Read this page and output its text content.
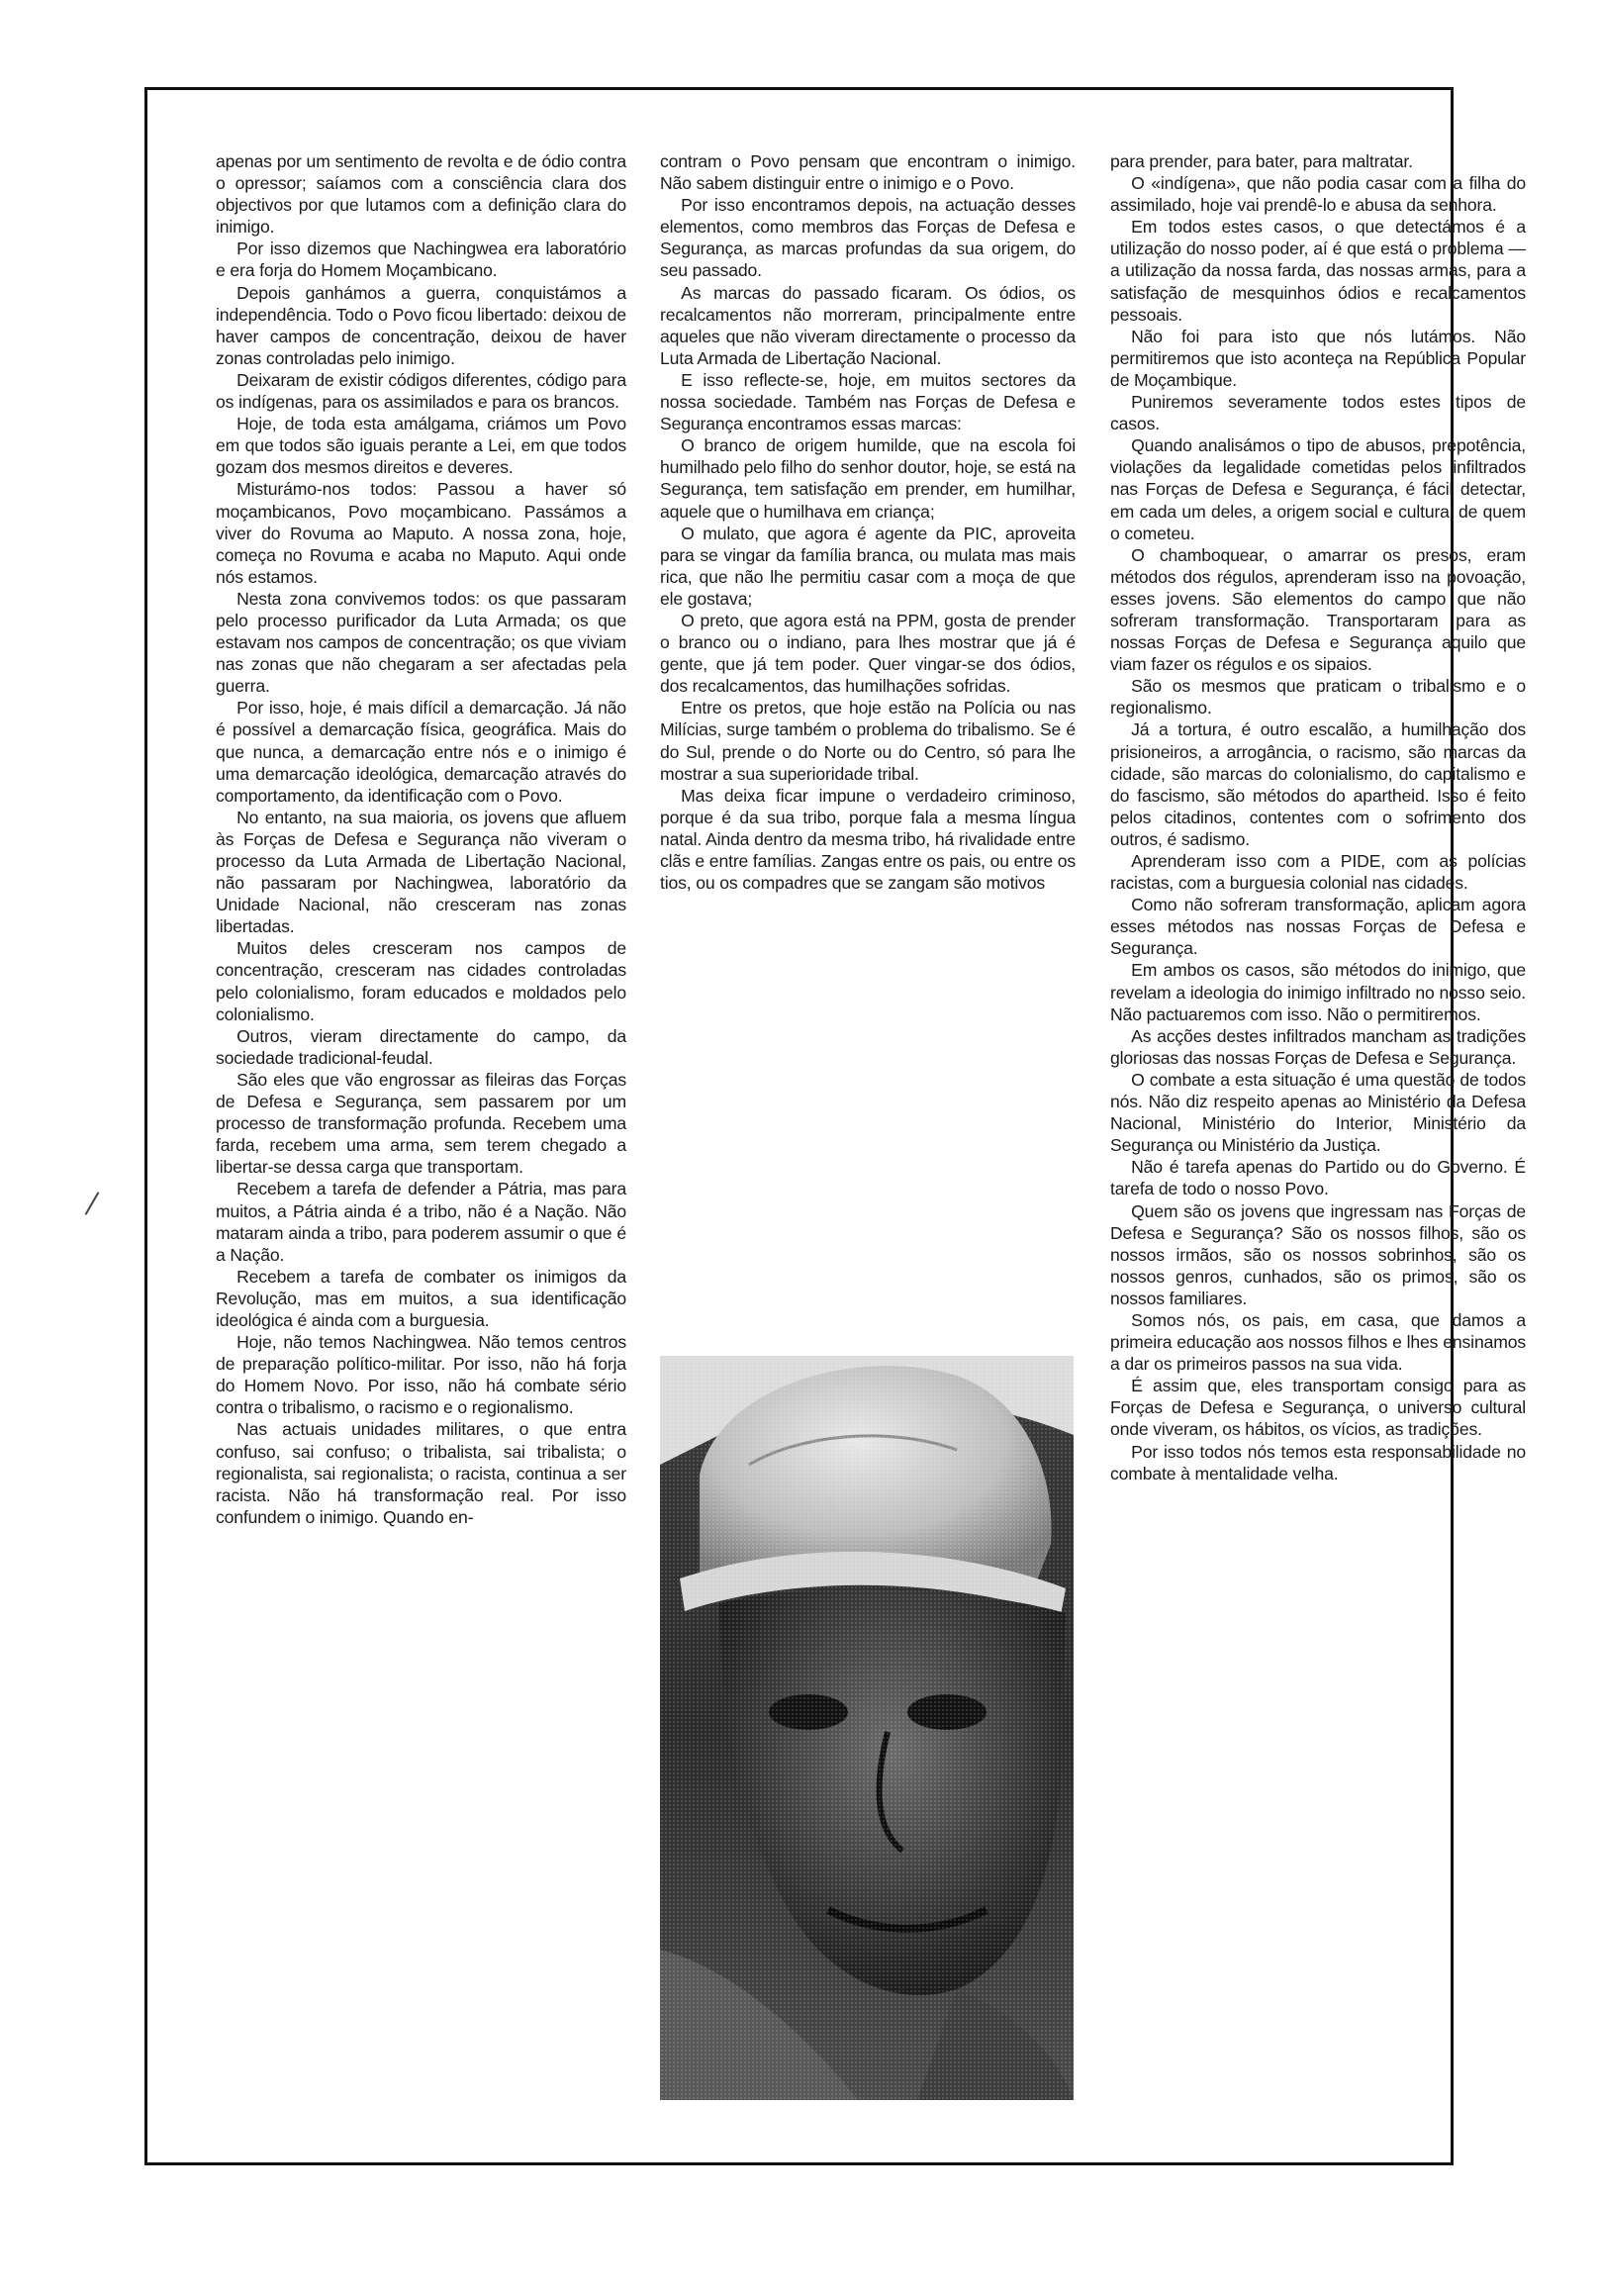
apenas por um sentimento de revolta e de ódio contra o opressor; saíamos com a consciência clara dos objectivos por que lutamos com a definição clara do inimigo.

Por isso dizemos que Nachingwea era laboratório e era forja do Homem Moçambicano.

Depois ganhámos a guerra, conquistámos a independência. Todo o Povo ficou libertado: deixou de haver campos de concentração, deixou de haver zonas controladas pelo inimigo.

Deixaram de existir códigos diferentes, código para os indígenas, para os assimilados e para os brancos.

Hoje, de toda esta amálgama, criámos um Povo em que todos são iguais perante a Lei, em que todos gozam dos mesmos direitos e deveres.

Misturámo-nos todos: Passou a haver só moçambicanos, Povo moçambicano. Passámos a viver do Rovuma ao Maputo. A nossa zona, hoje, começa no Rovuma e acaba no Maputo. Aqui onde nós estamos.

Nesta zona convivemos todos: os que passaram pelo processo purificador da Luta Armada; os que estavam nos campos de concentração; os que viviam nas zonas que não chegaram a ser afectadas pela guerra.

Por isso, hoje, é mais difícil a demarcação. Já não é possível a demarcação física, geográfica. Mais do que nunca, a demarcação entre nós e o inimigo é uma demarcação ideológica, demarcação através do comportamento, da identificação com o Povo.

No entanto, na sua maioria, os jovens que afluem às Forças de Defesa e Segurança não viveram o processo da Luta Armada de Libertação Nacional, não passaram por Nachingwea, laboratório da Unidade Nacional, não cresceram nas zonas libertadas.

Muitos deles cresceram nos campos de concentração, cresceram nas cidades controladas pelo colonialismo, foram educados e moldados pelo colonialismo.

Outros, vieram directamente do campo, da sociedade tradicional-feudal.

São eles que vão engrossar as fileiras das Forças de Defesa e Segurança, sem passarem por um processo de transformação profunda. Recebem uma farda, recebem uma arma, sem terem chegado a libertar-se dessa carga que transportam.

Recebem a tarefa de defender a Pátria, mas para muitos, a Pátria ainda é a tribo, não é a Nação. Não mataram ainda a tribo, para poderem assumir o que é a Nação.

Recebem a tarefa de combater os inimigos da Revolução, mas em muitos, a sua identificação ideológica é ainda com a burguesia.

Hoje, não temos Nachingwea. Não temos centros de preparação político-militar. Por isso, não há forja do Homem Novo. Por isso, não há combate sério contra o tribalismo, o racismo e o regionalismo.

Nas actuais unidades militares, o que entra confuso, sai confuso; o tribalista, sai tribalista; o regionalista, sai regionalista; o racista, continua a ser racista. Não há transformação real. Por isso confundem o inimigo. Quando en-

contram o Povo pensam que encontram o inimigo. Não sabem distinguir entre o inimigo e o Povo.

Por isso encontramos depois, na actuação desses elementos, como membros das Forças de Defesa e Segurança, as marcas profundas da sua origem, do seu passado.

As marcas do passado ficaram. Os ódios, os recalcamentos não morreram, principalmente entre aqueles que não viveram directamente o processo da Luta Armada de Libertação Nacional.

E isso reflecte-se, hoje, em muitos sectores da nossa sociedade. Também nas Forças de Defesa e Segurança encontramos essas marcas:

O branco de origem humilde, que na escola foi humilhado pelo filho do senhor doutor, hoje, se está na Segurança, tem satisfação em prender, em humilhar, aquele que o humilhava em criança;

O mulato, que agora é agente da PIC, aproveita para se vingar da família branca, ou mulata mas mais rica, que não lhe permitiu casar com a moça de que ele gostava;

O preto, que agora está na PPM, gosta de prender o branco ou o indiano, para lhes mostrar que já é gente, que já tem poder. Quer vingar-se dos ódios, dos recalcamentos, das humilhações sofridas.

Entre os pretos, que hoje estão na Polícia ou nas Milícias, surge também o problema do tribalismo. Se é do Sul, prende o do Norte ou do Centro, só para lhe mostrar a sua superioridade tribal.

Mas deixa ficar impune o verdadeiro criminoso, porque é da sua tribo, porque fala a mesma língua natal. Ainda dentro da mesma tribo, há rivalidade entre clãs e entre famílias. Zangas entre os pais, ou entre os tios, ou os compadres que se zangam são motivos

para prender, para bater, para maltratar.

O «indígena», que não podia casar com a filha do assimilado, hoje vai prendê-lo e abusa da senhora.

Em todos estes casos, o que detectámos é a utilização do nosso poder, aí é que está o problema — a utilização da nossa farda, das nossas armas, para a satisfação de mesquinhos ódios e recalcamentos pessoais.

Não foi para isto que nós lutámos. Não permitiremos que isto aconteça na República Popular de Moçambique.

Puniremos severamente todos estes tipos de casos.

Quando analisámos o tipo de abusos, prepotência, violações da legalidade cometidas pelos infiltrados nas Forças de Defesa e Segurança, é fácil detectar, em cada um deles, a origem social e cultural de quem o cometeu.

O chamboquear, o amarrar os presos, eram métodos dos régulos, aprenderam isso na povoação, esses jovens. São elementos do campo que não sofreram transformação. Transportaram para as nossas Forças de Defesa e Segurança aquilo que viam fazer os régulos e os sipaios.

São os mesmos que praticam o tribalismo e o regionalismo.

Já a tortura, é outro escalão, a humilhação dos prisioneiros, a arrogância, o racismo, são marcas da cidade, são marcas do colonialismo, do capitalismo e do fascismo, são métodos do apartheid. Isso é feito pelos citadinos, contentes com o sofrimento dos outros, é sadismo.

Aprenderam isso com a PIDE, com as polícias racistas, com a burguesia colonial nas cidades.

Como não sofreram transformação, aplicam agora esses métodos nas nossas Forças de Defesa e Segurança.

Em ambos os casos, são métodos do inimigo, que revelam a ideologia do inimigo infiltrado no nosso seio. Não pactuaremos com isso. Não o permitiremos.

As acções destes infiltrados mancham as tradições gloriosas das nossas Forças de Defesa e Segurança.

O combate a esta situação é uma questão de todos nós. Não diz respeito apenas ao Ministério da Defesa Nacional, Ministério do Interior, Ministério da Segurança ou Ministério da Justiça.

Não é tarefa apenas do Partido ou do Governo. É tarefa de todo o nosso Povo.

Quem são os jovens que ingressam nas Forças de Defesa e Segurança? São os nossos filhos, são os nossos irmãos, são os nossos sobrinhos, são os nossos genros, cunhados, são os primos, são os nossos familiares.

Somos nós, os pais, em casa, que damos a primeira educação aos nossos filhos e lhes ensinamos a dar os primeiros passos na sua vida.

É assim que, eles transportam consigo para as Forças de Defesa e Segurança, o universo cultural onde viveram, os hábitos, os vícios, as tradições.

Por isso todos nós temos esta responsabilidade no combate à mentalidade velha.
